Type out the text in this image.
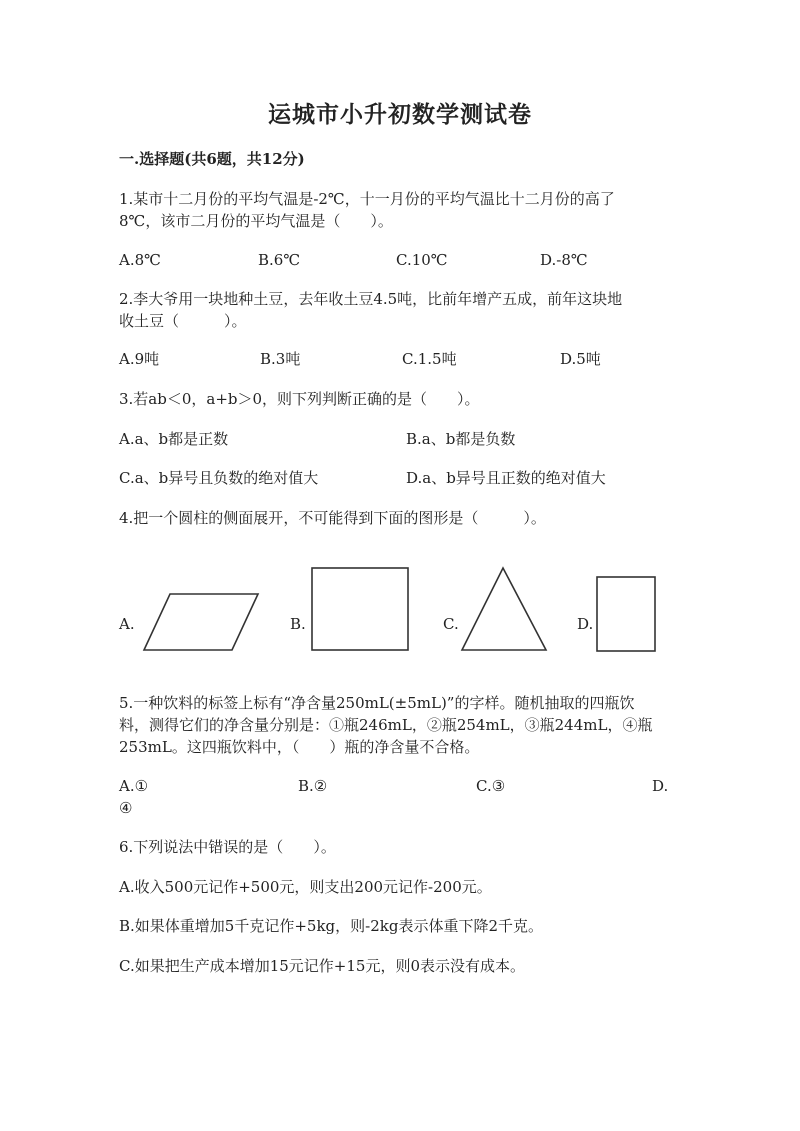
运城市小升初数学测试卷
一.选择题(共6题，共12分)
1.某市十二月份的平均气温是-2℃，十一月份的平均气温比十二月份的高了
8℃，该市二月份的平均气温是（　　）。
A.8℃	B.6℃	C.10℃	D.-8℃
2.李大爷用一块地种土豆，去年收土豆4.5吨，比前年增产五成，前年这块地
收土豆（　　　）。
A.9吨	B.3吨	C.1.5吨	D.5吨
3.若ab＜0，a+b＞0，则下列判断正确的是（　　）。
A.a、b都是正数	B.a、b都是负数
C.a、b异号且负数的绝对值大	D.a、b异号且正数的绝对值大
4.把一个圆柱的侧面展开，不可能得到下面的图形是（　　　）。
A.	B.	C.	D.
5.一种饮料的标签上标有“净含量250mL(±5mL)”的字样。随机抽取的四瓶饮
料，测得它们的净含量分别是：①瓶246mL，②瓶254mL，③瓶244mL，④瓶
253mL。这四瓶饮料中，（　　）瓶的净含量不合格。
A.①	B.②	C.③	D.
④
6.下列说法中错误的是（　　）。
A.收入500元记作+500元，则支出200元记作-200元。
B.如果体重增加5千克记作+5kg，则-2kg表示体重下降2千克。
C.如果把生产成本增加15元记作+15元，则0表示没有成本。
